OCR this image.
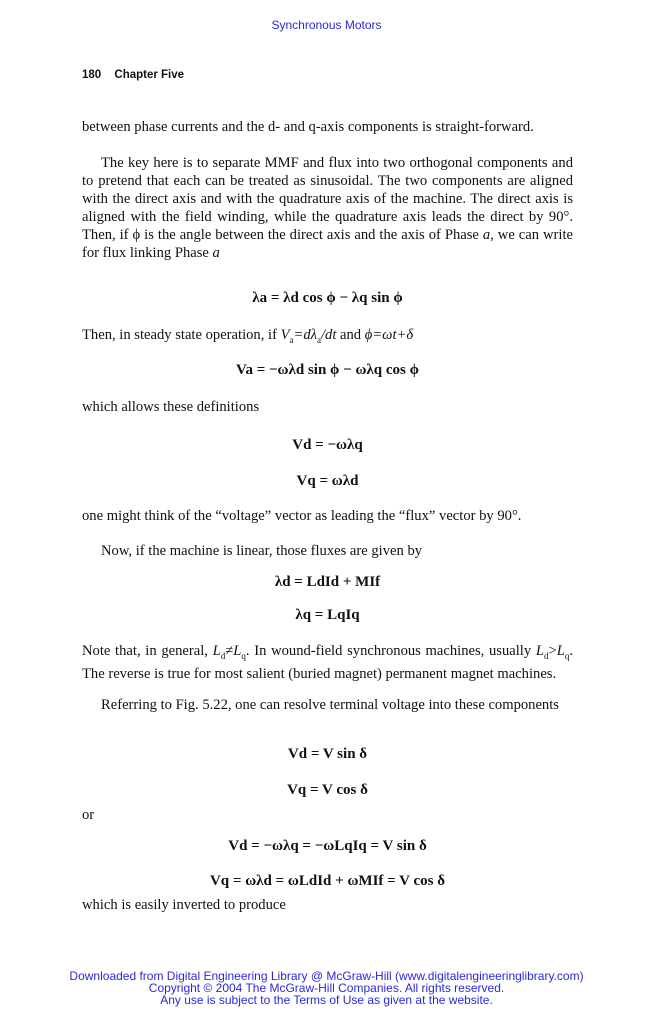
Synchronous Motors
180 Chapter Five
between phase currents and the d- and q-axis components is straight-forward.
The key here is to separate MMF and flux into two orthogonal components and to pretend that each can be treated as sinusoidal. The two components are aligned with the direct axis and with the quadrature axis of the machine. The direct axis is aligned with the field winding, while the quadrature axis leads the direct by 90°. Then, if ϕ is the angle between the direct axis and the axis of Phase a, we can write for flux linking Phase a
λa = λd cos ϕ − λq sin ϕ
Then, in steady state operation, if $V_a=d\lambda_a/dt$ and ϕ=ωt+δ
Va = −ωλd sin ϕ − ωλq cos ϕ
which allows these definitions
Vd = −ωλq
Vq = ωλd
one might think of the “voltage” vector as leading the “flux” vector by 90°.
Now, if the machine is linear, those fluxes are given by
λd = LdId + MIf
λq = LqIq
Note that, in general, $L_d\ne L_q$. In wound-field synchronous machines, usually $L_d>L_q$. The reverse is true for most salient (buried magnet) permanent magnet machines.
Referring to Fig. 5.22, one can resolve terminal voltage into these components
Vd = V sin δ
Vq = V cos δ
or
Vd = −ωλq = −ωLqIq = V sin δ
Vq = ωλd = ωLdId + ωMIf = V cos δ
which is easily inverted to produce
Downloaded from Digital Engineering Library @ McGraw-Hill (www.digitalengineeringlibrary.com)
Copyright © 2004 The McGraw-Hill Companies. All rights reserved.
Any use is subject to the Terms of Use as given at the website.
